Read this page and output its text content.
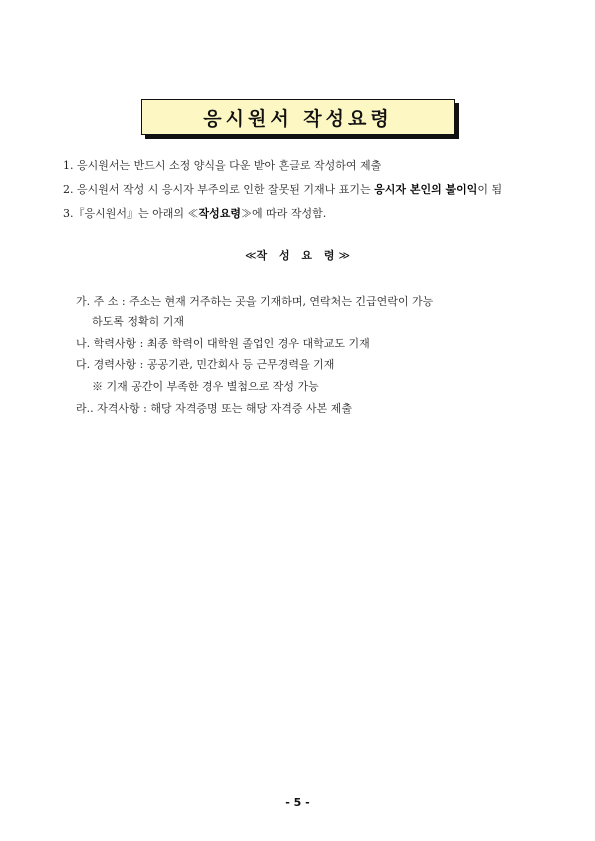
응시원서 작성요령
1. 응시원서는 반드시 소정 양식을 다운 받아 흔글로 작성하여 제출
2. 응시원서 작성 시 응시자 부주의로 인한 잘못된 기재나 표기는 응시자 본인의 불이익이 됨
3.『응시원서』는 아래의 ≪작성요령≫에 따라 작성함.
≪작 성 요 령≫
가. 주 소 : 주소는 현재 거주하는 곳을 기재하며, 연락처는 긴급연락이 가능
하도록 정확히 기재
나. 학력사항 : 최종 학력이 대학원 졸업인 경우 대학교도 기재
다. 경력사항 : 공공기관, 민간회사 등 근무경력을 기재
※ 기재 공간이 부족한 경우 별첨으로 작성 가능
라.. 자격사항 : 해당 자격증명 또는 해당 자격증 사본 제출
- 5 -
